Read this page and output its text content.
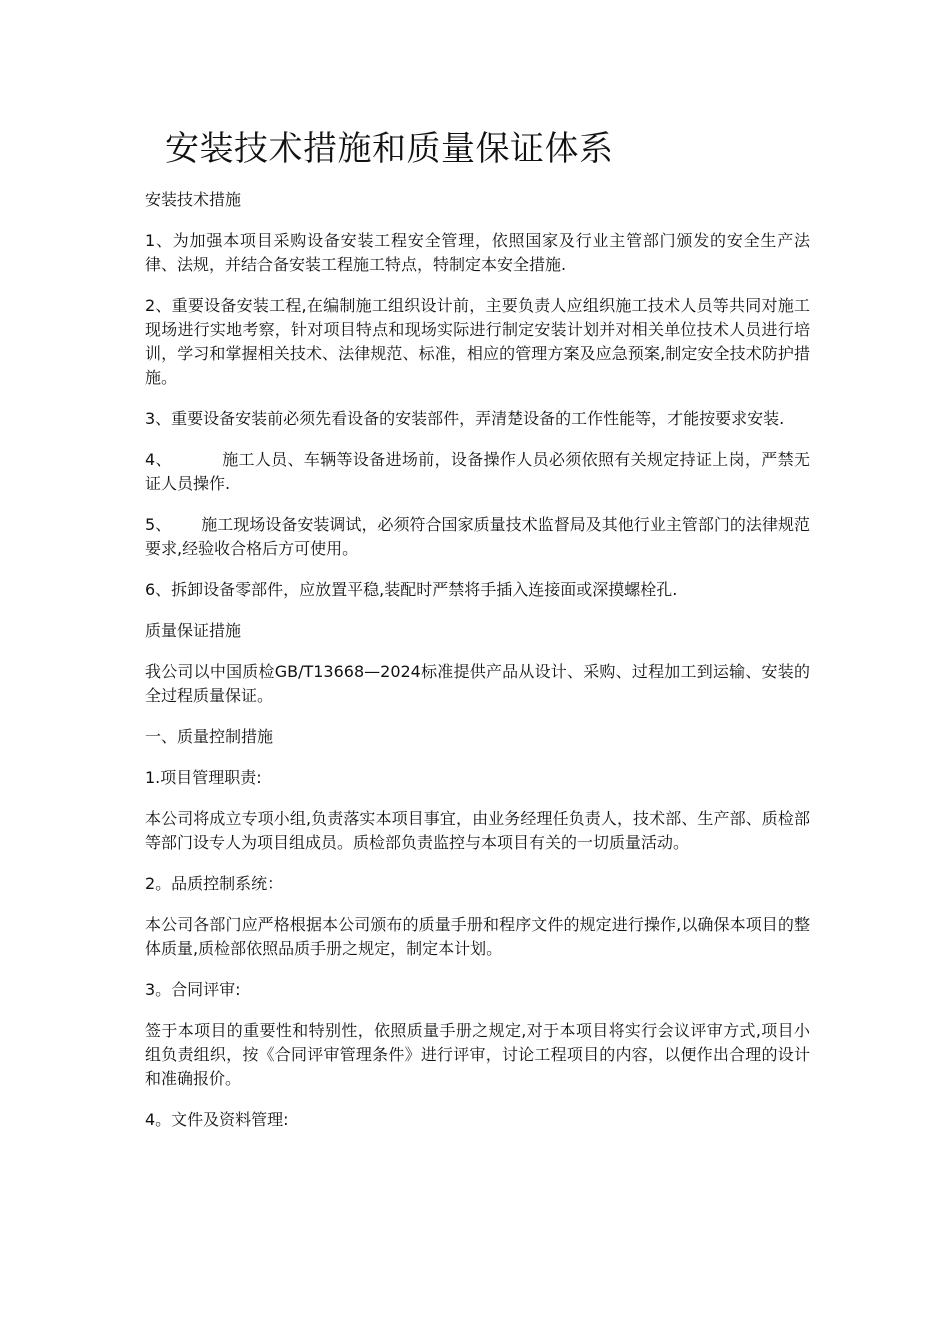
安装技术措施和质量保证体系

安装技术措施

1、为加强本项目采购设备安装工程安全管理，依照国家及行业主管部门颁发的安全生产法律、法规，并结合备安装工程施工特点，特制定本安全措施.

2、重要设备安装工程,在编制施工组织设计前，主要负责人应组织施工技术人员等共同对施工现场进行实地考察，针对项目特点和现场实际进行制定安装计划并对相关单位技术人员进行培训，学习和掌握相关技术、法律规范、标准，相应的管理方案及应急预案,制定安全技术防护措施。

3、重要设备安装前必须先看设备的安装部件，弄清楚设备的工作性能等，才能按要求安装.

4、	施工人员、车辆等设备进场前，设备操作人员必须依照有关规定持证上岗，严禁无证人员操作.

5、 施工现场设备安装调试，必须符合国家质量技术监督局及其他行业主管部门的法律规范要求,经验收合格后方可使用。

6、拆卸设备零部件，应放置平稳,装配时严禁将手插入连接面或深摸螺栓孔.

质量保证措施

我公司以中国质检GB/T13668—2024标准提供产品从设计、采购、过程加工到运输、安装的全过程质量保证。

一、质量控制措施

1.项目管理职责:

本公司将成立专项小组,负责落实本项目事宜，由业务经理任负责人，技术部、生产部、质检部等部门设专人为项目组成员。质检部负责监控与本项目有关的一切质量活动。

2。品质控制系统：

本公司各部门应严格根据本公司颁布的质量手册和程序文件的规定进行操作,以确保本项目的整体质量,质检部依照品质手册之规定，制定本计划。

3。合同评审:

签于本项目的重要性和特别性，依照质量手册之规定,对于本项目将实行会议评审方式,项目小组负责组织，按《合同评审管理条件》进行评审，讨论工程项目的内容，以便作出合理的设计和准确报价。

4。文件及资料管理:
